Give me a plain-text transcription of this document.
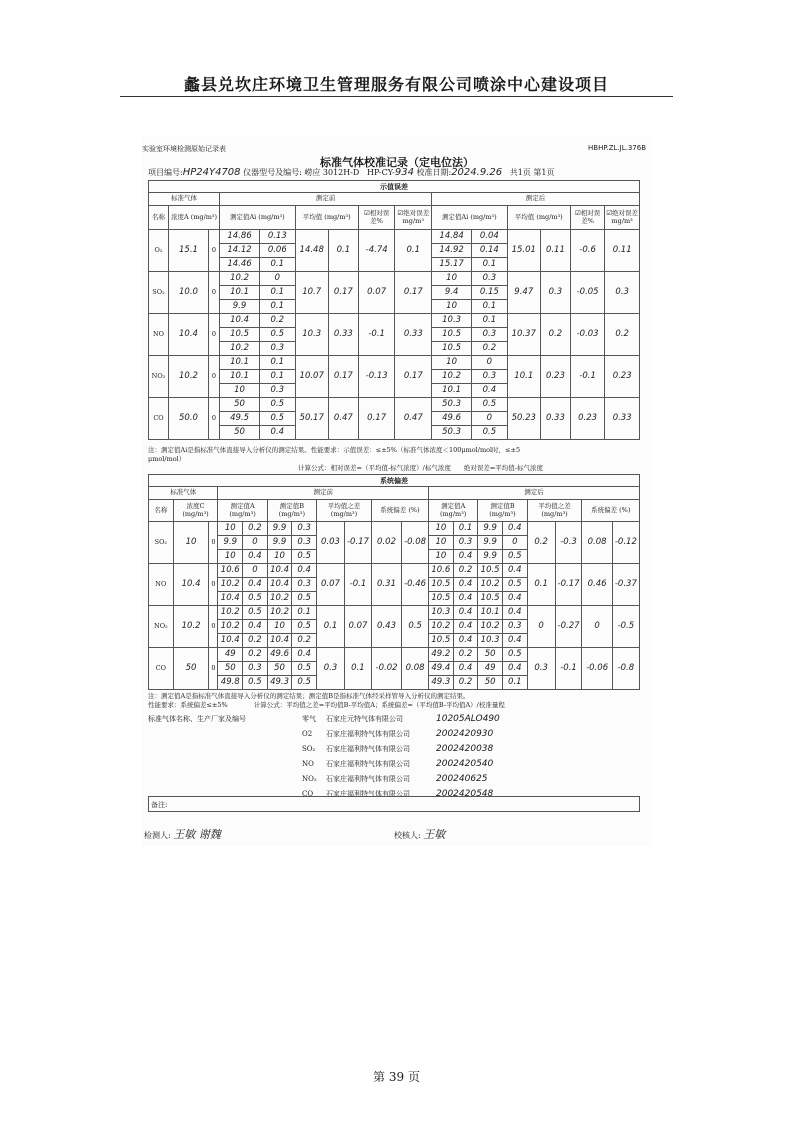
蠡县兑坎庄环境卫生管理服务有限公司喷涂中心建设项目
实验室环境检测原始记录表	HBHP.ZL.JL.376B
标准气体校准记录（定电位法）
项目编号:HP24Y4708 仪器型号及编号: 崂应 3012H-D HP-CY-934 校准日期:2024.9.26 共1页 第1页
示值误差														
标准气体			测定前						测定后					
名称	浓度A (mg/m³)		测定值Ai (mg/m³)		平均值 (mg/m³)		☑相对误差%	☑绝对误差 mg/m³	测定值Ai (mg/m³)		平均值 (mg/m³)		☑相对误差%	☑绝对误差 mg/m³
O₂	15.1	0	14.86	0.13	14.48	0.1	-4.74	0.1	14.84	0.04	15.01	0.11	-0.6	0.11
			14.12	0.06					14.92	0.14				
			14.46	0.1					15.17	0.1				
SO₂	10.0	0	10.2	0	10.7	0.17	0.07	0.17	10	0.3	9.47	0.3	-0.05	0.3
			10.1	0.1					9.4	0.15				
			9.9	0.1					10	0.1				
NO	10.4	0	10.4	0.2	10.3	0.33	-0.1	0.33	10.3	0.1	10.37	0.2	-0.03	0.2
			10.5	0.5					10.5	0.3				
			10.2	0.3					10.5	0.2				
NO₂	10.2	0	10.1	0.1	10.07	0.17	-0.13	0.17	10	0	10.1	0.23	-0.1	0.23
			10.1	0.1					10.2	0.3				
			10	0.3					10.1	0.4				
CO	50.0	0	50	0.5	50.17	0.47	0.17	0.47	50.3	0.5	50.23	0.33	0.23	0.33
			49.5	0.5					49.6	0				
			50	0.4					50.3	0.5				
注：测定值Ai是指标准气体直接导入分析仪的测定结果。性能要求：示值误差：≤±5%（标准气体浓度＜100μmol/mol时，≤±5
μmol/mol）
计算公式：相对误差=（平均值-标气浓度）/标气浓度　　绝对误差=平均值-标气浓度
系统偏差																		
标准气体			测定前								测定后							
名称	浓度C (mg/m³)		测定值A (mg/m³)		测定值B (mg/m³)		平均值之差 (mg/m³)		系统偏差 (%)		测定值A (mg/m³)		测定值B (mg/m³)		平均值之差 (mg/m³)		系统偏差 (%)	
SO₂	10	0	10	0.2	9.9	0.3	0.03	-0.17	0.02	-0.08	10	0.1	9.9	0.4	0.2	-0.3	0.08	-0.12
			9.9	0	9.9	0.3					10	0.3	9.9	0				
			10	0.4	10	0.5					10	0.4	9.9	0.5				
NO	10.4	0	10.6	0	10.4	0.4	0.07	-0.1	0.31	-0.46	10.6	0.2	10.5	0.4	0.1	-0.17	0.46	-0.37
			10.2	0.4	10.4	0.3					10.5	0.4	10.2	0.5				
			10.4	0.5	10.2	0.5					10.5	0.4	10.5	0.4				
NO₂	10.2	0	10.2	0.5	10.2	0.1	0.1	0.07	0.43	0.5	10.3	0.4	10.1	0.4	0	-0.27	0	-0.5
			10.2	0.4	10	0.5					10.2	0.4	10.2	0.3				
			10.4	0.2	10.4	0.2					10.5	0.4	10.3	0.4				
CO	50	0	49	0.2	49.6	0.4	0.3	0.1	-0.02	0.08	49.2	0.2	50	0.5	0.3	-0.1	-0.06	-0.8
			50	0.3	50	0.5					49.4	0.4	49	0.4				
			49.8	0.5	49.3	0.5					49.3	0.2	50	0.1				
注：测定值A是指标准气体直接导入分析仪的测定结果；测定值B是指标准气体经采样管导入分析仪的测定结果。
性能要求：系统偏差≤±5%　　　　计算公式：平均值之差=平均值B-平均值A；系统偏差=（平均值B-平均值A）/校准量程
标准气体名称、生产厂家及编号	零气 石家庄元特气体有限公司	10205ALO490
O2 石家庄福利特气体有限公司	2002420930
SO₂ 石家庄福利特气体有限公司	2002420038
NO 石家庄福利特气体有限公司	2002420540
NO₂ 石家庄福利特气体有限公司	200240625
CO 石家庄福利特气体有限公司	2002420548
备注:
检测人: 王敏 谢魏	校核人: 王敏
第 39 页
